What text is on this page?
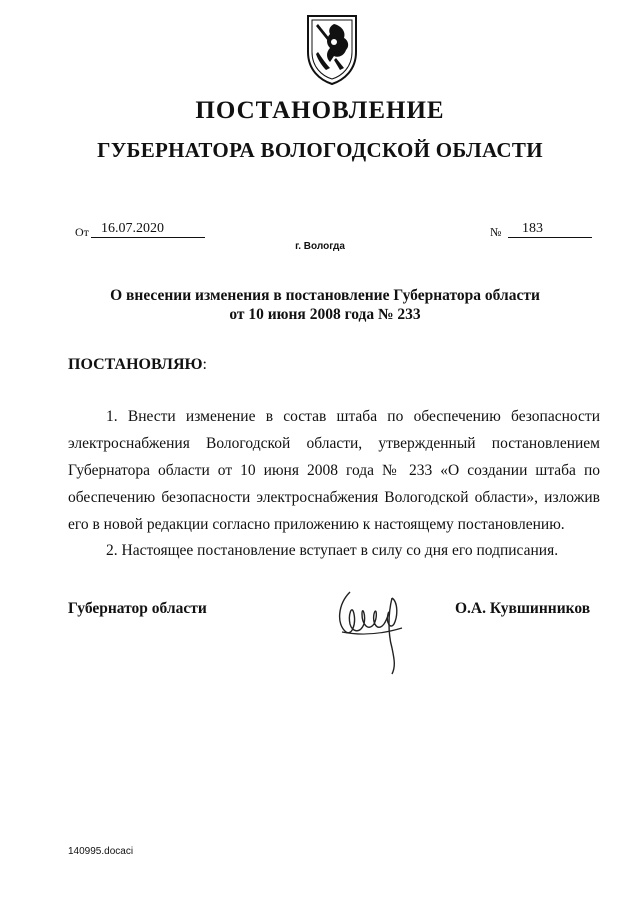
ПОСТАНОВЛЕНИЕ
ГУБЕРНАТОРА ВОЛОГОДСКОЙ ОБЛАСТИ
От 16.07.2020	№	183
г. Вологда
О внесении изменения в постановление Губернатора области
от 10 июня 2008 года № 233
ПОСТАНОВЛЯЮ:
1. Внести изменение в состав штаба по обеспечению безопасности электроснабжения Вологодской области, утвержденный постановлением Губернатора области от 10 июня 2008 года № 233 «О создании штаба по обеспечению безопасности электроснабжения Вологодской области», изложив его в новой редакции согласно приложению к настоящему постановлению.
2. Настоящее постановление вступает в силу со дня его подписания.
Губернатор области	О.А. Кувшинников
140995.docaci
